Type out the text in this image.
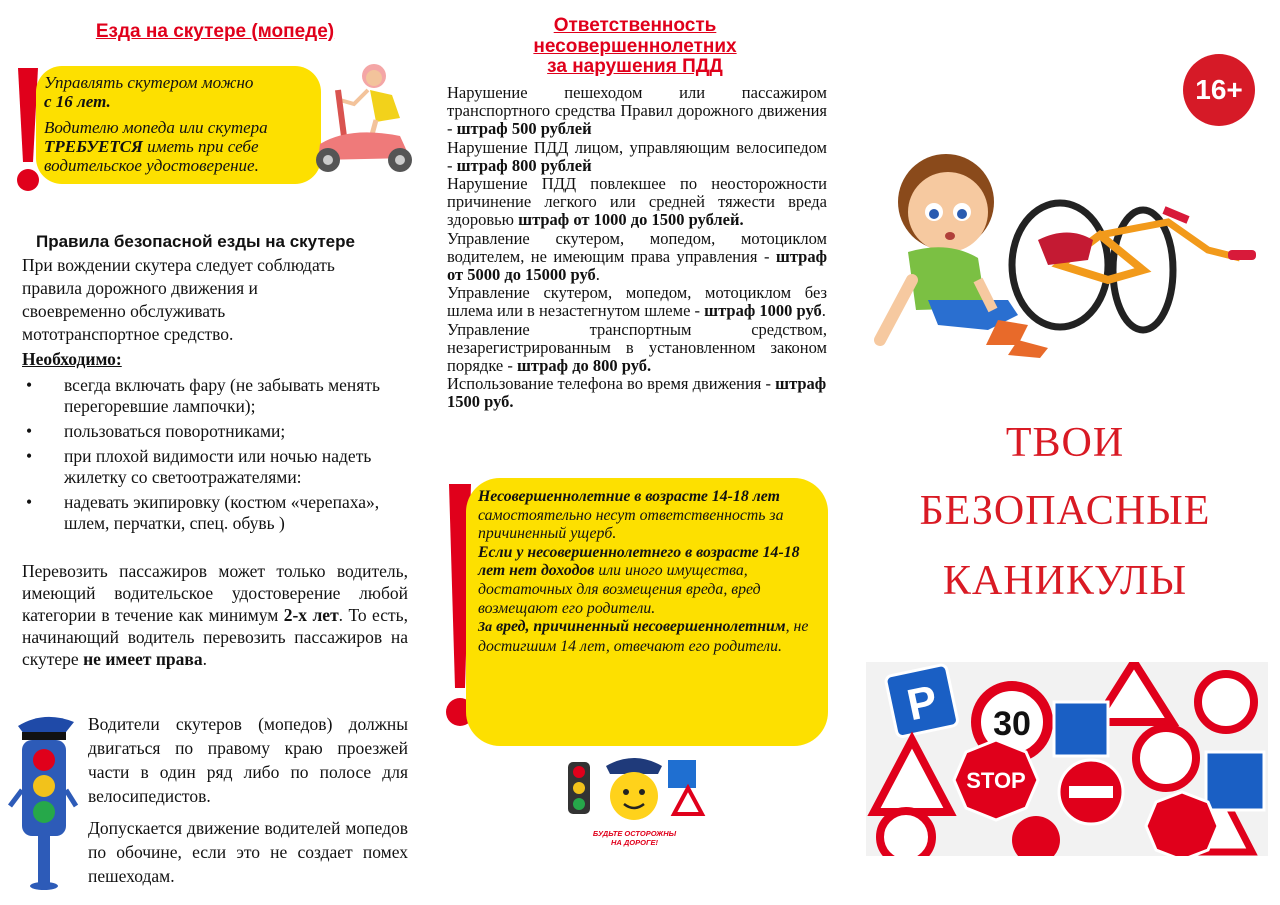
Езда на скутере (мопеде)
Управлять скутером можно
с 16 лет.
Водителю мопеда или скутера
ТРЕБУЕТСЯ иметь при себе
водительское удостоверение.
Правила безопасной езды на скутере
При вождении скутера следует соблюдать
правила дорожного движения и
своевременно обслуживать
мототранспортное средство.
Необходимо:
• всегда включать фару (не забывать менять перегоревшие лампочки);
• пользоваться поворотниками;
• при плохой видимости или ночью надеть жилетку со светоотражателями:
• надевать экипировку (костюм «черепаха», шлем, перчатки, спец. обувь )
Перевозить пассажиров может только водитель, имеющий водительское удостоверение любой категории в течение как минимум 2-х лет. То есть, начинающий водитель перевозить пассажиров на скутере не имеет права.
Водители скутеров (мопедов) должны двигаться по правому краю проезжей части в один ряд либо по полосе для велосипедистов.
Допускается движение водителей мопедов по обочине, если это не создает помех пешеходам.
Ответственность
несовершеннолетних
за нарушения ПДД
Нарушение пешеходом или пассажиром транспортного средства Правил дорожного движения - штраф 500 рублей
Нарушение ПДД лицом, управляющим велосипедом - штраф 800 рублей
Нарушение ПДД повлекшее по неосторожности причинение легкого или средней тяжести вреда здоровью штраф от 1000 до 1500 рублей.
Управление скутером, мопедом, мотоциклом водителем, не имеющим права управления - штраф от 5000 до 15000 руб.
Управление скутером, мопедом, мотоциклом без шлема или в незастегнутом шлеме - штраф 1000 руб.
Управление транспортным средством, незарегистрированным в установленном законом порядке - штраф до 800 руб.
Использование телефона во время движения - штраф 1500 руб.
Несовершеннолетние в возрасте 14-18 лет самостоятельно несут ответственность за причиненный ущерб.
Если у несовершеннолетнего в возрасте 14-18 лет нет доходов или иного имущества, достаточных для возмещения вреда, вред возмещают его родители.
За вред, причиненный несовершеннолетним, не достигшим 14 лет, отвечают его родители.
БУДЬТЕ ОСТОРОЖНЫ
НА ДОРОГЕ!
16+
ТВОИ
БЕЗОПАСНЫЕ
КАНИКУЛЫ
P 30
STOP
